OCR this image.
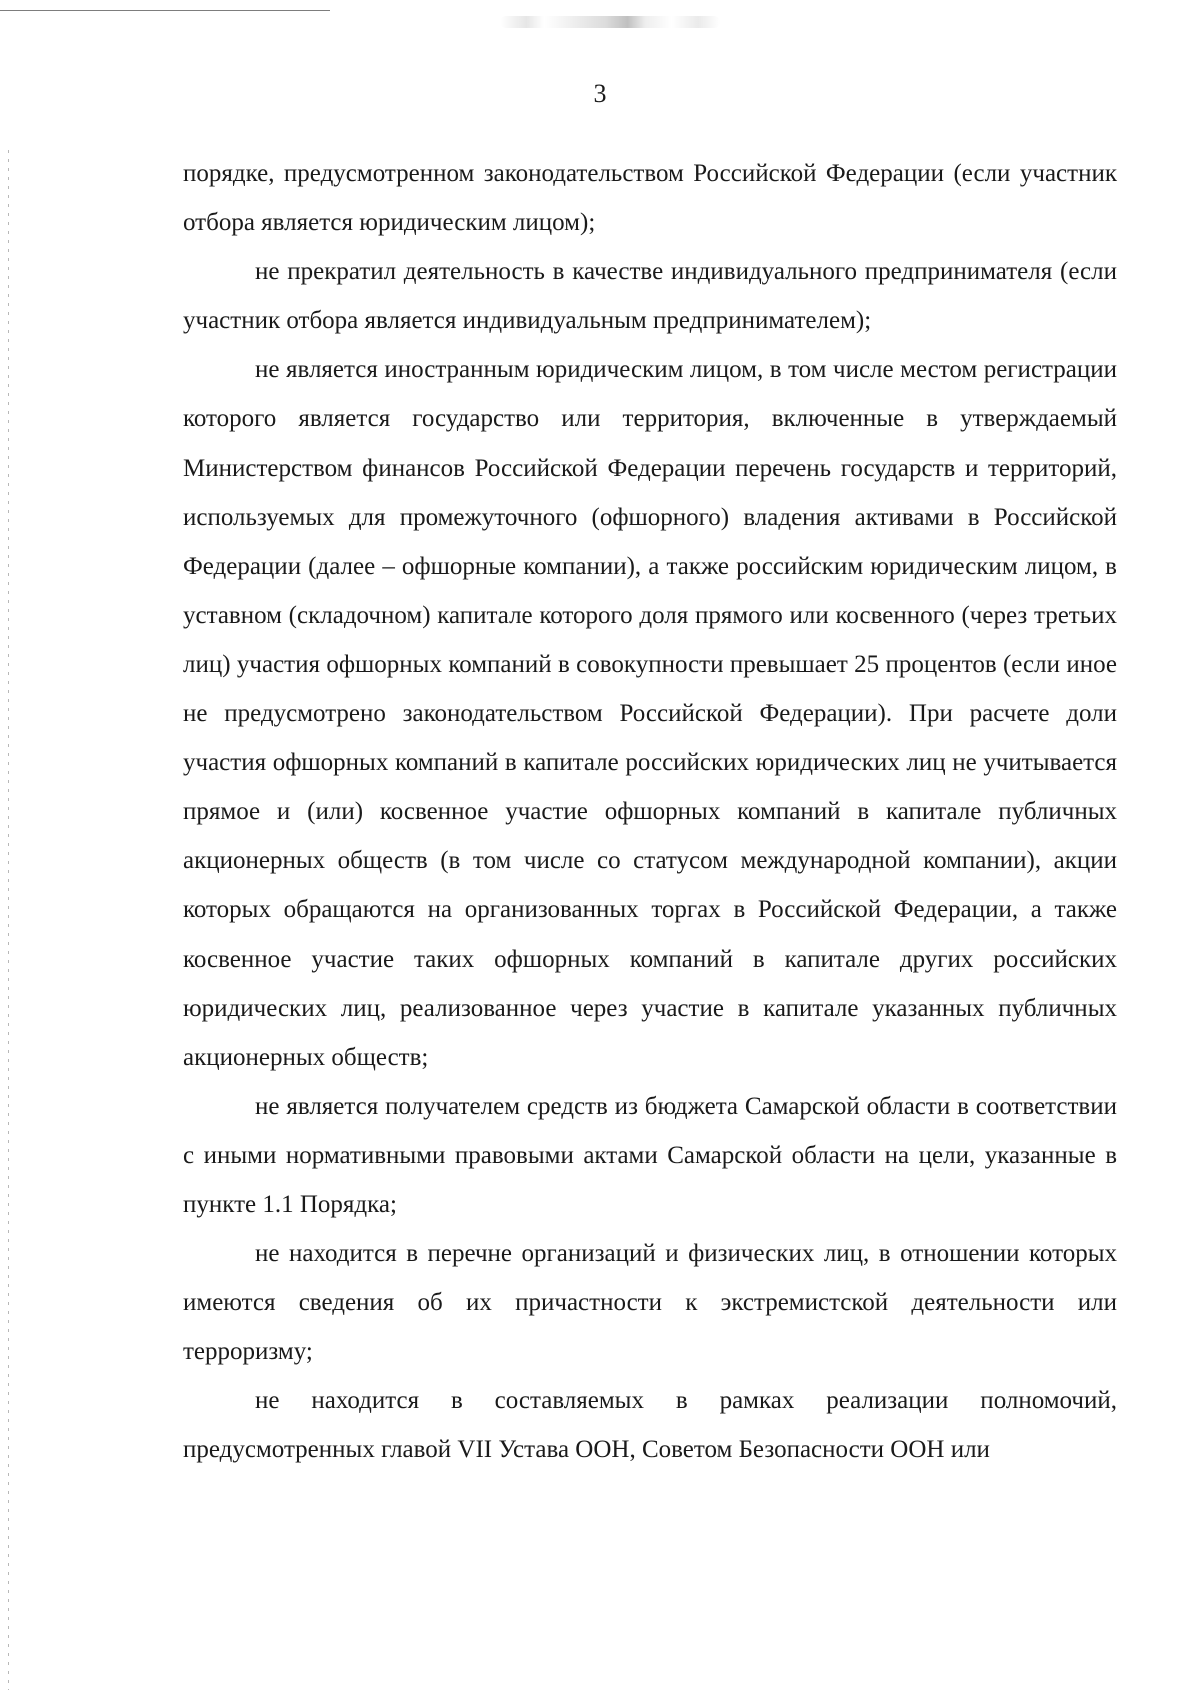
3

порядке, предусмотренном законодательством Российской Федерации (если участник отбора является юридическим лицом);

не прекратил деятельность в качестве индивидуального предпринимателя (если участник отбора является индивидуальным предпринимателем);

не является иностранным юридическим лицом, в том числе местом регистрации которого является государство или территория, включенные в утверждаемый Министерством финансов Российской Федерации перечень государств и территорий, используемых для промежуточного (офшорного) владения активами в Российской Федерации (далее – офшорные компании), а также российским юридическим лицом, в уставном (складочном) капитале которого доля прямого или косвенного (через третьих лиц) участия офшорных компаний в совокупности превышает 25 процентов (если иное не предусмотрено законодательством Российской Федерации). При расчете доли участия офшорных компаний в капитале российских юридических лиц не учитывается прямое и (или) косвенное участие офшорных компаний в капитале публичных акционерных обществ (в том числе со статусом международной компании), акции которых обращаются на организованных торгах в Российской Федерации, а также косвенное участие таких офшорных компаний в капитале других российских юридических лиц, реализованное через участие в капитале указанных публичных акционерных обществ;

не является получателем средств из бюджета Самарской области в соответствии с иными нормативными правовыми актами Самарской области на цели, указанные в пункте 1.1 Порядка;

не находится в перечне организаций и физических лиц, в отношении которых имеются сведения об их причастности к экстремистской деятельности или терроризму;

не находится в составляемых в рамках реализации полномочий, предусмотренных главой VII Устава ООН, Советом Безопасности ООН или
